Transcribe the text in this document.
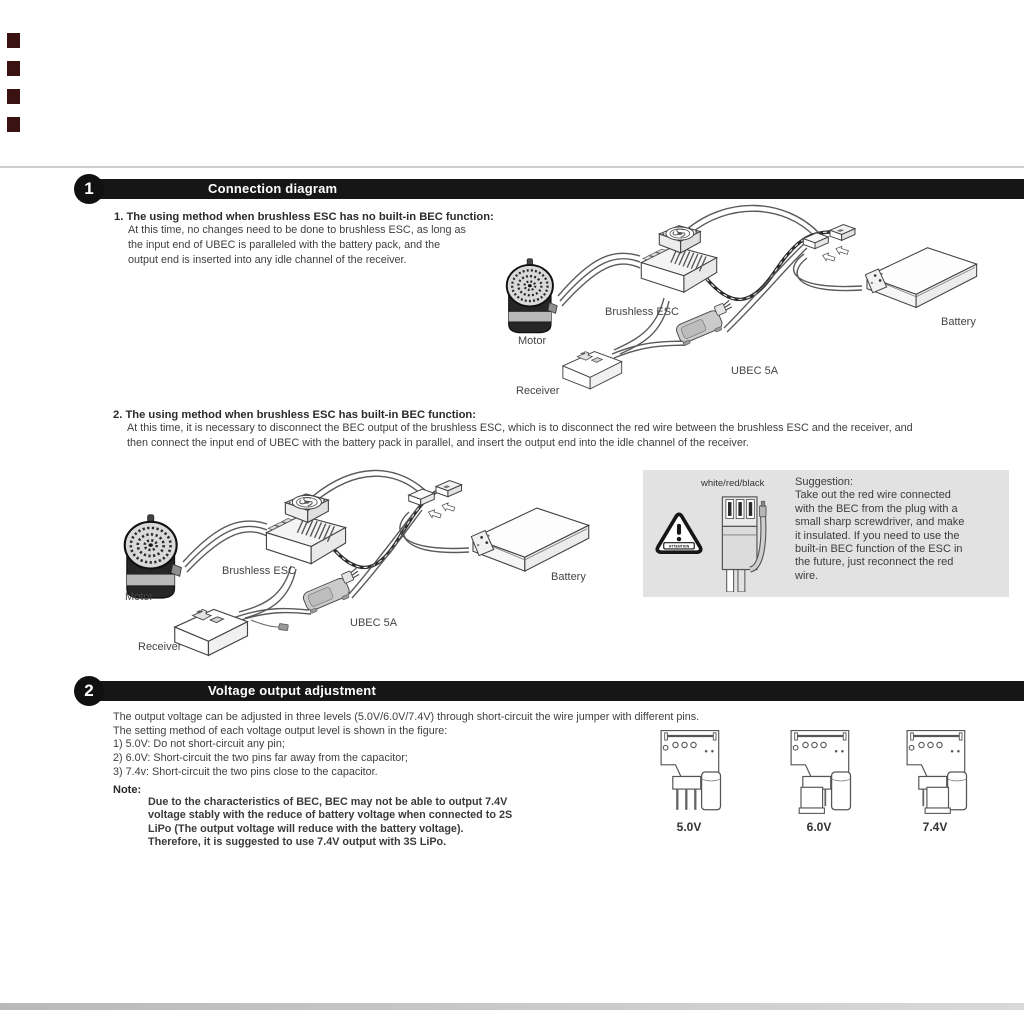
Connection diagram
1
1. The using method when brushless ESC has no built-in BEC function:
At this time, no changes need to be done to brushless ESC, as long as
the input end of UBEC is paralleled with the battery pack, and the
output end is inserted into any idle channel of the receiver.
Brushless ESC
Motor
Receiver
UBEC 5A
Battery
2. The using method when brushless ESC has built-in BEC function:
At this time, it is necessary to disconnect the BEC output of the brushless ESC, which is to disconnect the red wire between the brushless ESC and the receiver, and
then connect the input end of UBEC with the battery pack in parallel, and insert the output end into the idle channel of the receiver.
Brushless ESC
Motor
Receiver
UBEC 5A
Battery
white/red/black	Suggestion:
Take out the red wire connected
with the BEC from the plug with a
small sharp screwdriver, and make
it insulated. If you need to use the
built-in BEC function of the ESC in
the future, just reconnect the red
wire.
Voltage output adjustment
2
The output voltage can be adjusted in three levels (5.0V/6.0V/7.4V) through short-circuit the wire jumper with different pins.
The setting method of each voltage output level is shown in the figure:
1) 5.0V: Do not short-circuit any pin;
2) 6.0V: Short-circuit the two pins far away from the capacitor;
3) 7.4v: Short-circuit the two pins close to the capacitor.
Note:
Due to the characteristics of BEC, BEC may not be able to output 7.4V
voltage stably with the reduce of battery voltage when connected to 2S
LiPo (The output voltage will reduce with the battery voltage).
Therefore, it is suggested to use 7.4V output with 3S LiPo.
5.0V	6.0V	7.4V
